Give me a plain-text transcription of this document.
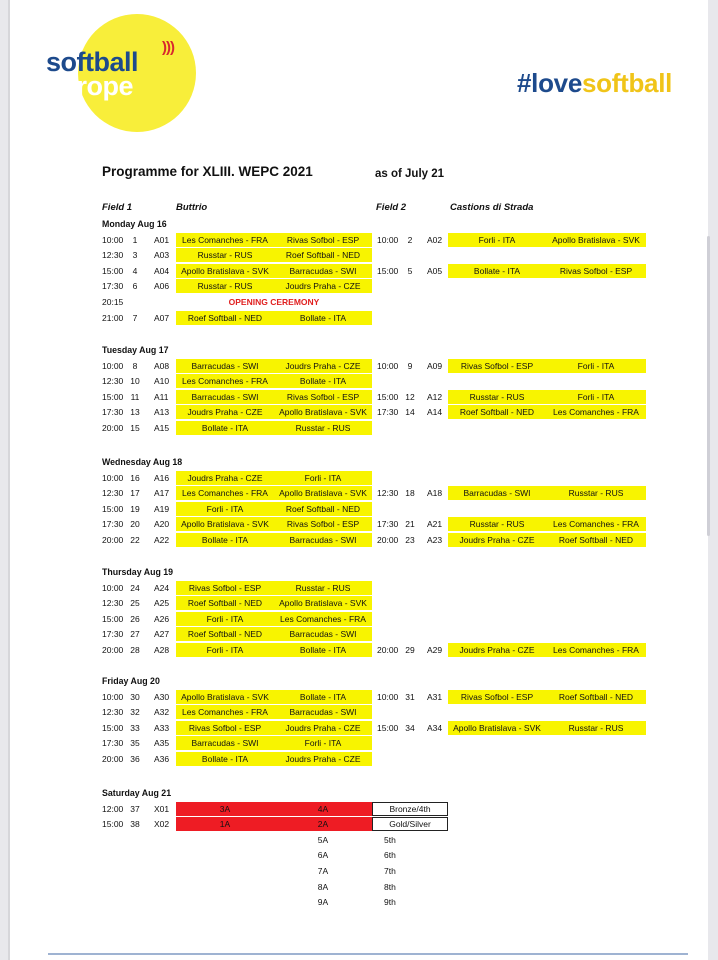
softball
europe
)))
#lovesoftball
Programme for XLIII. WEPC 2021	as of July 21
Field 1	Buttrio	Field 2	Castions di Strada
Monday Aug 16
10:00	1	A01	Les Comanches - FRA	Rivas Sofbol - ESP	10:00	2	A02	Forli - ITA	Apollo Bratislava - SVK
12:30	3	A03	Russtar - RUS	Roef Softball - NED
15:00	4	A04	Apollo Bratislava - SVK	Barracudas - SWI	15:00	5	A05	Bollate - ITA	Rivas Sofbol - ESP
17:30	6	A06	Russtar - RUS	Joudrs Praha - CZE
20:15	OPENING CEREMONY
21:00	7	A07	Roef Softball - NED	Bollate - ITA
Tuesday Aug 17
10:00	8	A08	Barracudas - SWI	Joudrs Praha - CZE	10:00	9	A09	Rivas Sofbol - ESP	Forli - ITA
12:30 10	A10	Les Comanches - FRA	Bollate - ITA
15:00 11	A11	Barracudas - SWI	Rivas Sofbol - ESP	15:00 12 A12	Russtar - RUS	Forli - ITA
17:30 13	A13	Joudrs Praha - CZE	Apollo Bratislava - SVK	17:30 14 A14	Roef Softball - NED	Les Comanches - FRA
20:00 15	A15	Bollate - ITA	Russtar - RUS
Wednesday Aug 18
10:00 16	A16	Joudrs Praha - CZE	Forli - ITA
12:30 17	A17	Les Comanches - FRA	Apollo Bratislava - SVK	12:30 18 A18	Barracudas - SWI	Russtar - RUS
15:00 19	A19	Forli - ITA	Roef Softball - NED
17:30 20	A20	Apollo Bratislava - SVK	Rivas Sofbol - ESP	17:30 21 A21	Russtar - RUS	Les Comanches - FRA
20:00 22	A22	Bollate - ITA	Barracudas - SWI	20:00 23 A23	Joudrs Praha - CZE	Roef Softball - NED
Thursday Aug 19
10:00 24	A24	Rivas Sofbol - ESP	Russtar - RUS
12:30 25	A25	Roef Softball - NED	Apollo Bratislava - SVK
15:00 26	A26	Forli - ITA	Les Comanches - FRA
17:30 27	A27	Roef Softball - NED	Barracudas - SWI
20:00 28	A28	Forli - ITA	Bollate - ITA	20:00 29 A29	Joudrs Praha - CZE	Les Comanches - FRA
Friday Aug 20
10:00 30	A30	Apollo Bratislava - SVK	Bollate - ITA	10:00 31 A31	Rivas Sofbol - ESP	Roef Softball - NED
12:30 32	A32	Les Comanches - FRA	Barracudas - SWI
15:00 33	A33	Rivas Sofbol - ESP	Joudrs Praha - CZE	15:00 34 A34	Apollo Bratislava - SVK	Russtar - RUS
17:30 35	A35	Barracudas - SWI	Forli - ITA
20:00 36	A36	Bollate - ITA	Joudrs Praha - CZE
Saturday Aug 21
12:00 37	X01	3A	4A	Bronze/4th
15:00 38	X02	1A	2A	Gold/Silver
5A	5th
6A	6th
7A	7th
8A	8th
9A	9th
